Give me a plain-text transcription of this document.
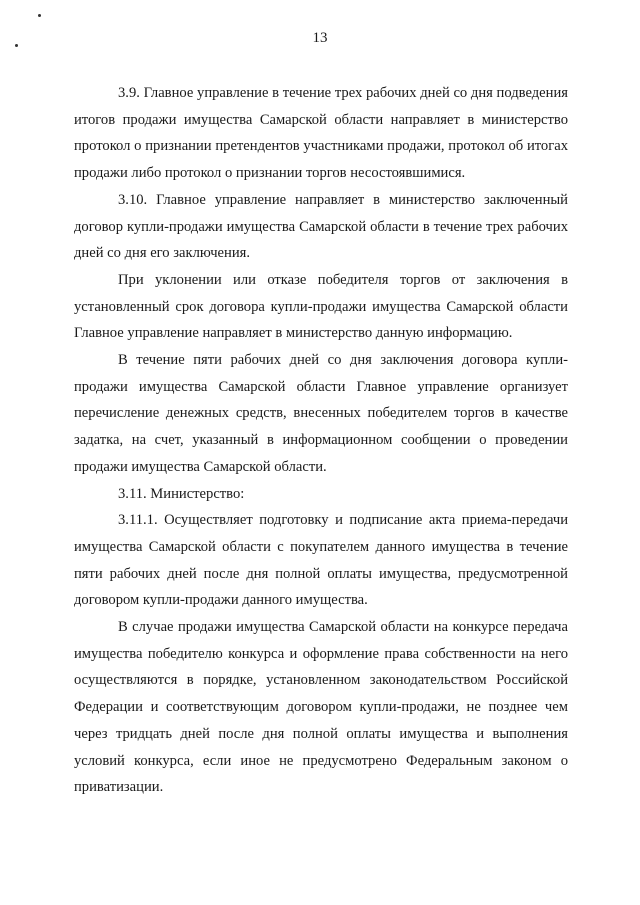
13

3.9. Главное управление в течение трех рабочих дней со дня подведения итогов продажи имущества Самарской области направляет в министерство протокол о признании претендентов участниками продажи, протокол об итогах продажи либо протокол о признании торгов несостоявшимися.

3.10. Главное управление направляет в министерство заключенный договор купли-продажи имущества Самарской области в течение трех рабочих дней со дня его заключения.

При уклонении или отказе победителя торгов от заключения в установленный срок договора купли-продажи имущества Самарской области Главное управление направляет в министерство данную информацию.

В течение пяти рабочих дней со дня заключения договора купли-продажи имущества Самарской области Главное управление организует перечисление денежных средств, внесенных победителем торгов в качестве задатка, на счет, указанный в информационном сообщении о проведении продажи имущества Самарской области.

3.11. Министерство:

3.11.1. Осуществляет подготовку и подписание акта приема-передачи имущества Самарской области с покупателем данного имущества в течение пяти рабочих дней после дня полной оплаты имущества, предусмотренной договором купли-продажи данного имущества.

В случае продажи имущества Самарской области на конкурсе передача имущества победителю конкурса и оформление права собственности на него осуществляются в порядке, установленном законодательством Российской Федерации и соответствующим договором купли-продажи, не позднее чем через тридцать дней после дня полной оплаты имущества и выполнения условий конкурса, если иное не предусмотрено Федеральным законом о приватизации.
